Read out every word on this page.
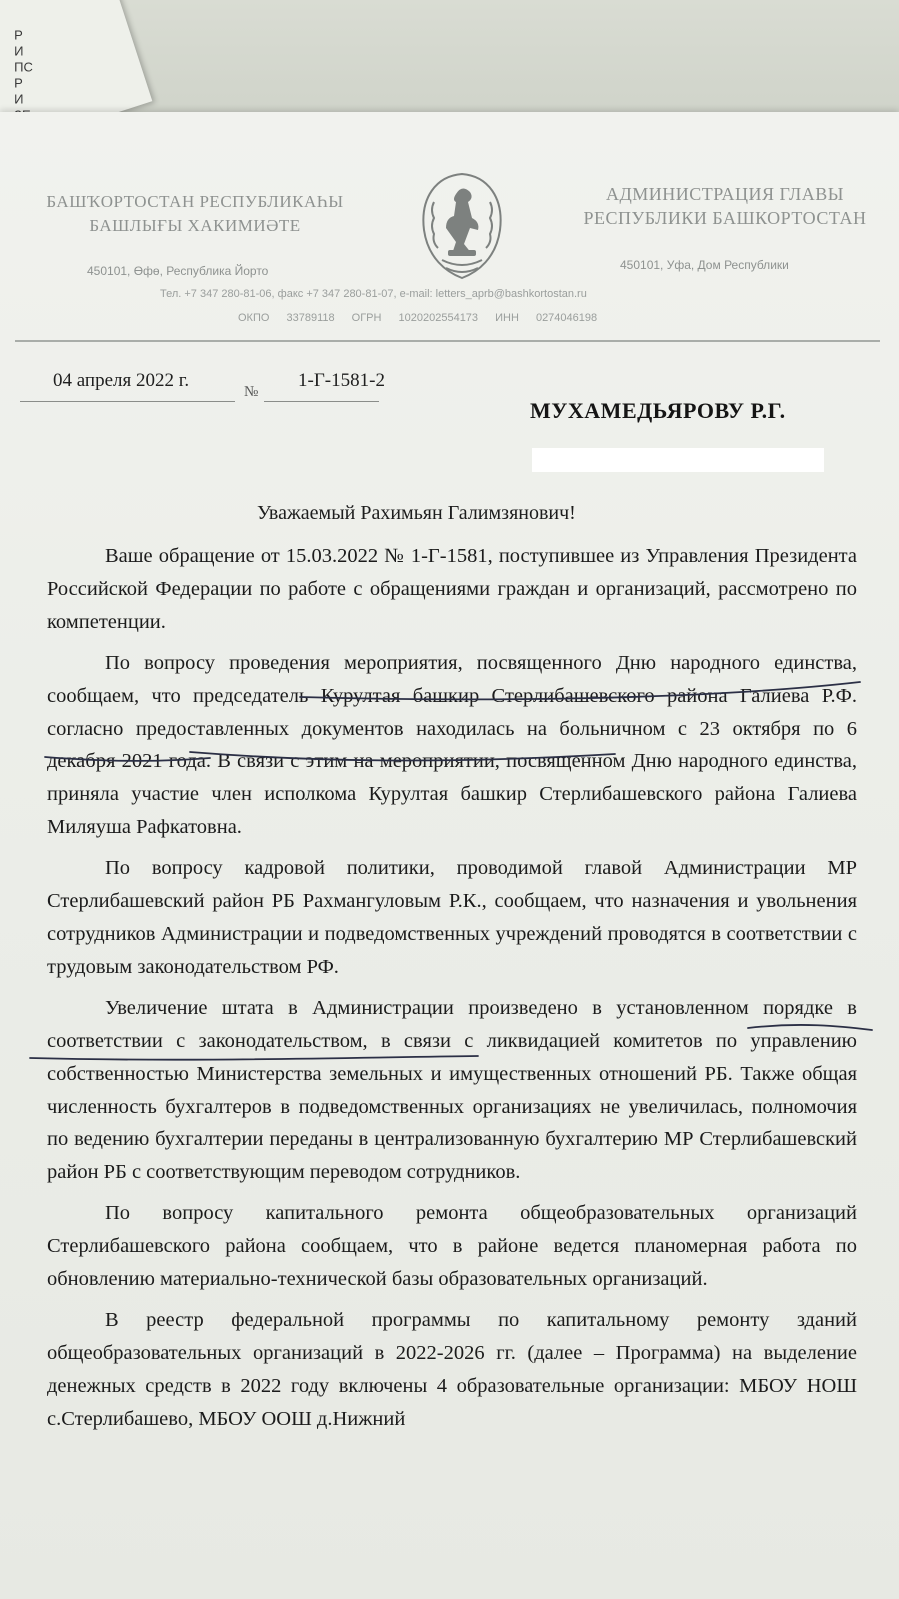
Р
И
ПС
Р
И

БАШҠОРТОСТАН РЕСПУБЛИКАҺЫ
БАШЛЫҒЫ ХАКИМИӘТЕ
450101, Өфө, Республика Йорто
АДМИНИСТРАЦИЯ ГЛАВЫ
РЕСПУБЛИКИ БАШКОРТОСТАН
450101, Уфа, Дом Республики
Тел. +7 347 280-81-06, факс +7 347 280-81-07, e-mail: letters_aprb@bashkortostan.ru
ОКПО 33789118 ОГРН 1020202554173 ИНН 0274046198
04 апреля 2022 г.
№
1-Г-1581-2
МУХАМЕДЬЯРОВУ Р.Г.
Уважаемый Рахимьян Галимзянович!

Ваше обращение от 15.03.2022 № 1-Г-1581, поступившее из Управления Президента Российской Федерации по работе с обращениями граждан и организаций, рассмотрено по компетенции.

По вопросу проведения мероприятия, посвященного Дню народного единства, сообщаем, что председатель Курултая башкир Стерлибашевского района Галиева Р.Ф. согласно предоставленных документов находилась на больничном с 23 октября по 6 декабря 2021 года. В связи с этим на мероприятии, посвященном Дню народного единства, приняла участие член исполкома Курултая башкир Стерлибашевского района Галиева Миляуша Рафкатовна.

По вопросу кадровой политики, проводимой главой Администрации МР Стерлибашевский район РБ Рахмангуловым Р.К., сообщаем, что назначения и увольнения сотрудников Администрации и подведомственных учреждений проводятся в соответствии с трудовым законодательством РФ.

Увеличение штата в Администрации произведено в установленном порядке в соответствии с законодательством, в связи с ликвидацией комитетов по управлению собственностью Министерства земельных и имущественных отношений РБ. Также общая численность бухгалтеров в подведомственных организациях не увеличилась, полномочия по ведению бухгалтерии переданы в централизованную бухгалтерию МР Стерлибашевский район РБ с соответствующим переводом сотрудников.

По вопросу капитального ремонта общеобразовательных организаций Стерлибашевского района сообщаем, что в районе ведется планомерная работа по обновлению материально-технической базы образовательных организаций.

В реестр федеральной программы по капитальному ремонту зданий общеобразовательных организаций в 2022-2026 гг. (далее – Программа) на выделение денежных средств в 2022 году включены 4 образовательные организации: МБОУ НОШ с.Стерлибашево, МБОУ ООШ д.Нижний
